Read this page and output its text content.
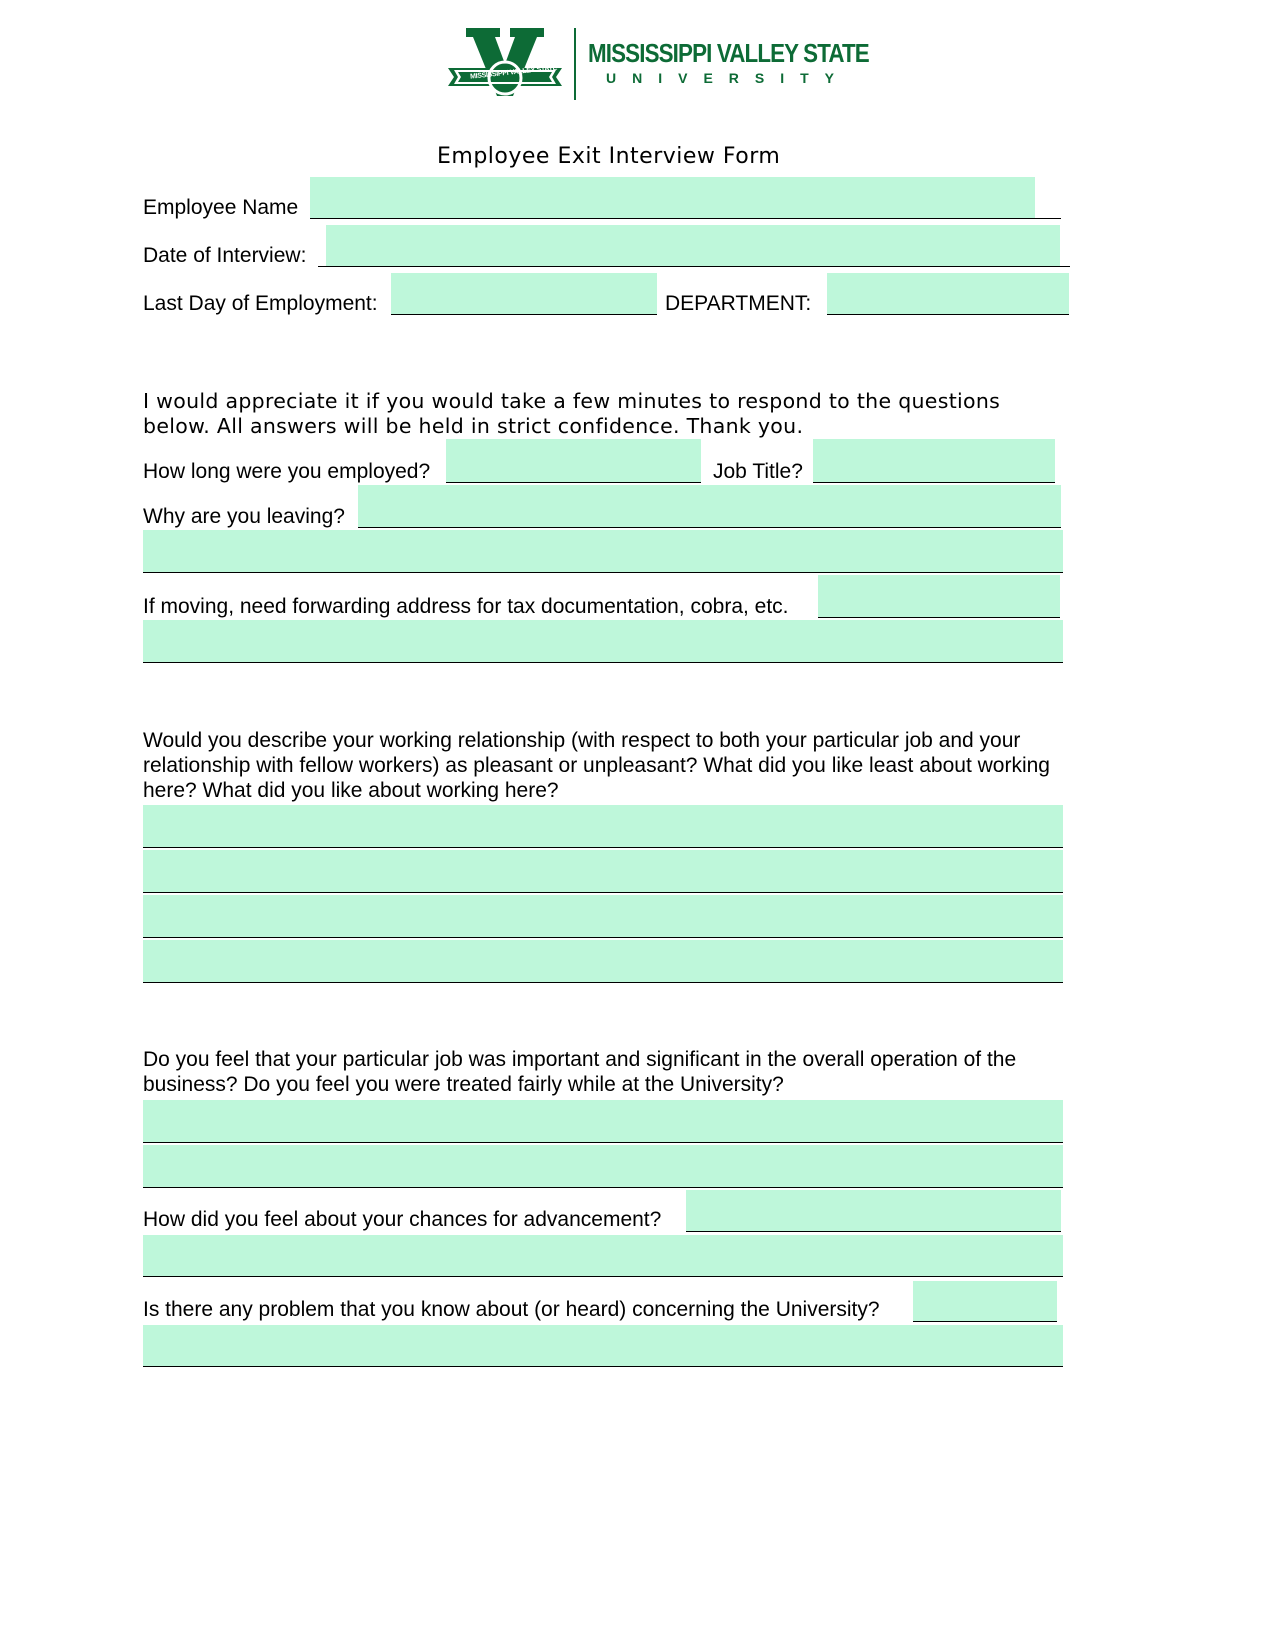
MISSISSIPPI VALLEY STATE
MISSISSIPPI VALLEY STATE
UNIVERSITY
Employee Exit Interview Form
Employee Name
Date of Interview:
Last Day of Employment:	DEPARTMENT:
I would appreciate it if you would take a few minutes to respond to the questions below. All answers will be held in strict confidence. Thank you.
How long were you employed?	Job Title?
Why are you leaving?
If moving, need forwarding address for tax documentation, cobra, etc.
Would you describe your working relationship (with respect to both your particular job and your relationship with fellow workers) as pleasant or unpleasant? What did you like least about working here? What did you like about working here?
Do you feel that your particular job was important and significant in the overall operation of the business? Do you feel you were treated fairly while at the University?
How did you feel about your chances for advancement?
Is there any problem that you know about (or heard) concerning the University?
